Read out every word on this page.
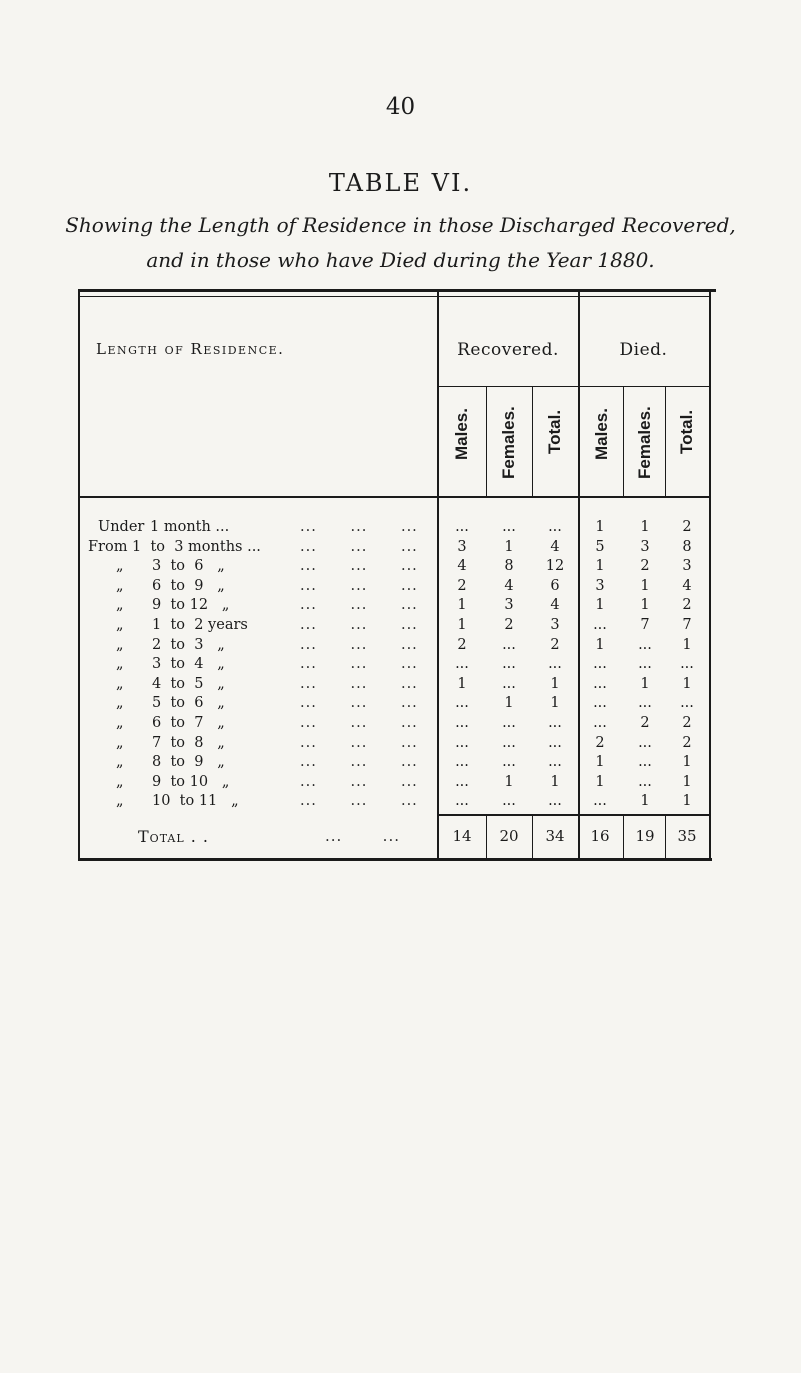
40
TABLE VI.
Showing the Length of Residence in those Discharged Recovered,
and in those who have Died during the Year 1880.
Length of Residence.	Recovered.	Died.
Males. Females. Total. Males. Females. Total.
Under 1 month ...	...      ...      ...	...	...	...	1	1	2
From 1  to  3 months ...	...      ...      ...	3	1	4	5	3	8
„ 3  to  6   „	...      ...      ...	4	8	12	1	2	3
„ 6  to  9   „	...      ...      ...	2	4	6	3	1	4
„ 9  to 12   „	...      ...      ...	1	3	4	1	1	2
„ 1  to  2 years	...      ...      ...	1	2	3	...	7	7
„ 2  to  3   „	...      ...      ...	2	...	2	1	...	1
„ 3  to  4   „	...      ...      ...	...	...	...	...	...	...
„ 4  to  5   „	...      ...      ...	1	...	1	...	1	1
„ 5  to  6   „	...      ...      ...	...	1	1	...	...	...
„ 6  to  7   „	...      ...      ...	...	...	...	...	2	2
„ 7  to  8   „	...      ...      ...	...	...	...	2	...	2
„ 8  to  9   „	...      ...      ...	...	...	...	1	...	1
„ 9  to 10   „	...      ...      ...	...	1	1	1	...	1
„ 10  to 11   „	...      ...      ...	...	...	...	...	1	1
Total . .	...       ...	14	20	34	16	19	35
